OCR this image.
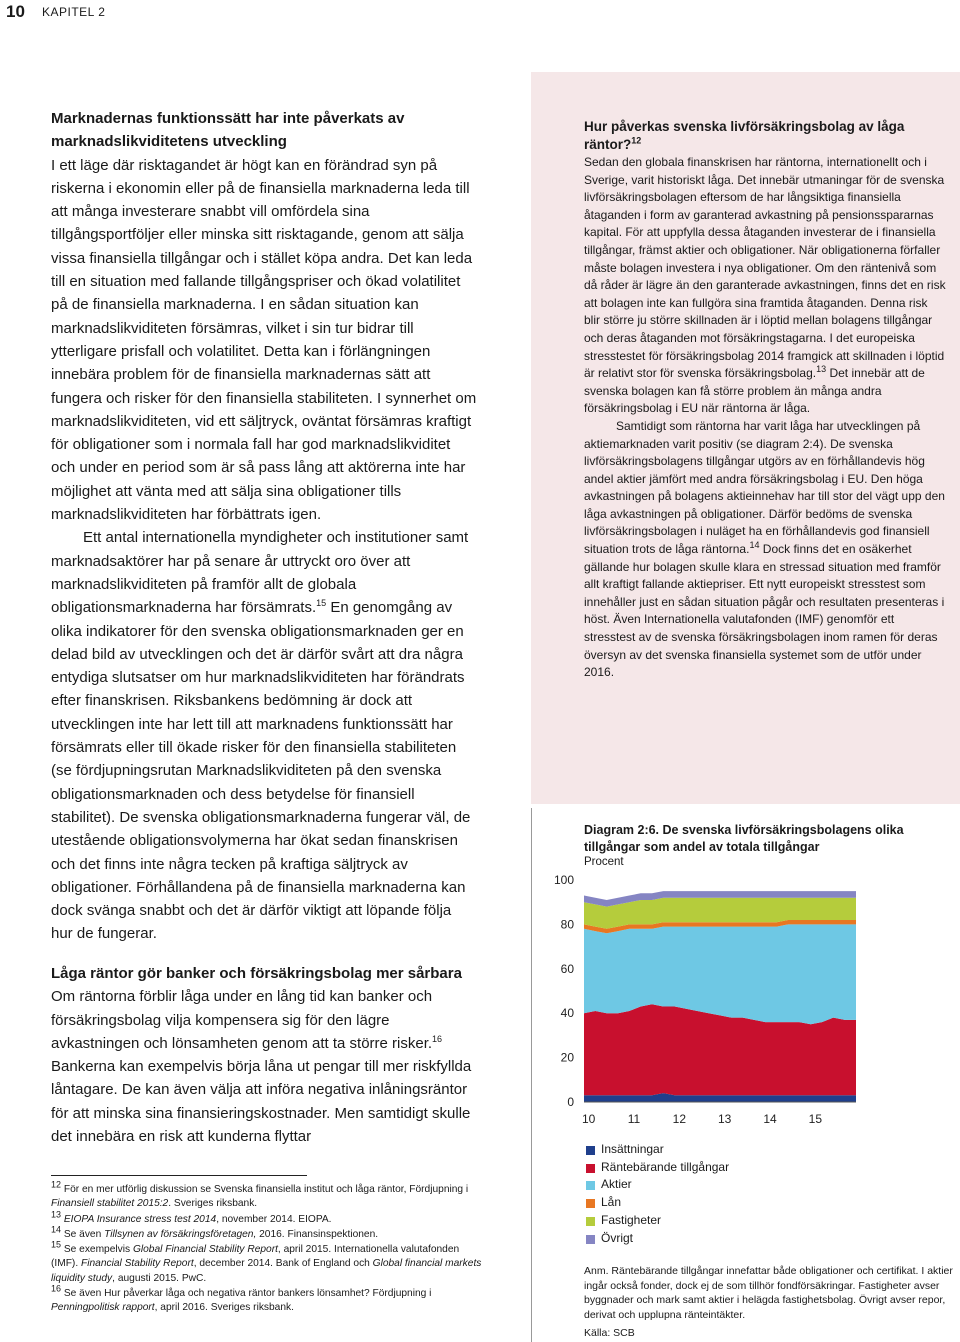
10 KAPITEL 2
Marknadernas funktionssätt har inte påverkats av marknadslikviditetens utveckling

I ett läge där risktagandet är högt kan en förändrad syn på riskerna i ekonomin eller på de finansiella marknaderna leda till att många investerare snabbt vill omfördela sina tillgångsportföljer eller minska sitt risktagande, genom att sälja vissa finansiella tillgångar och i stället köpa andra. Det kan leda till en situation med fallande tillgångspriser och ökad volatilitet på de finansiella marknaderna. I en sådan situation kan marknadslikviditeten försämras, vilket i sin tur bidrar till ytterligare prisfall och volatilitet. Detta kan i förlängningen innebära problem för de finansiella marknadernas sätt att fungera och risker för den finansiella stabiliteten. I synnerhet om marknadslikviditeten, vid ett säljtryck, oväntat försämras kraftigt för obligationer som i normala fall har god marknadslikviditet och under en period som är så pass lång att aktörerna inte har möjlighet att vänta med att sälja sina obligationer tills marknadslikviditeten har förbättrats igen.

Ett antal internationella myndigheter och institutioner samt marknadsaktörer har på senare år uttryckt oro över att marknadslikviditeten på framför allt de globala obligationsmarknaderna har försämrats.$^{15}$ En genomgång av olika indikatorer för den svenska obligationsmarknaden ger en delad bild av utvecklingen och det är därför svårt att dra några entydiga slutsatser om hur marknadslikviditeten har förändrats efter finanskrisen. Riksbankens bedömning är dock att utvecklingen inte har lett till att marknadens funktionssätt har försämrats eller till ökade risker för den finansiella stabiliteten (se fördjupningsrutan Marknadslikviditeten på den svenska obligationsmarknaden och dess betydelse för finansiell stabilitet). De svenska obligationsmarknaderna fungerar väl, de utestående obligationsvolymerna har ökat sedan finanskrisen och det finns inte några tecken på kraftiga säljtryck av obligationer. Förhållandena på de finansiella marknaderna kan dock svänga snabbt och det är därför viktigt att löpande följa hur de fungerar.

Låga räntor gör banker och försäkringsbolag mer sårbara

Om räntorna förblir låga under en lång tid kan banker och försäkringsbolag vilja kompensera sig för den lägre avkastningen och lönsamheten genom att ta större risker.$^{16}$ Bankerna kan exempelvis börja låna ut pengar till mer riskfyllda låntagare. De kan även välja att införa negativa inlåningsräntor för att minska sina finansieringskostnader. Men samtidigt skulle det innebära en risk att kunderna flyttar

$^{12}$ För en mer utförlig diskussion se Svenska finansiella institut och låga räntor, Fördjupning i Finansiell stabilitet 2015:2. Sveriges riksbank.

$^{13}$ EIOPA Insurance stress test 2014, november 2014. EIOPA.

$^{14}$ Se även Tillsynen av försäkringsföretagen, 2016. Finansinspektionen.

$^{15}$ Se exempelvis Global Financial Stability Report, april 2015. Internationella valutafonden (IMF). Financial Stability Report, december 2014. Bank of England och Global financial markets liquidity study, augusti 2015. PwC.

$^{16}$ Se även Hur påverkar låga och negativa räntor bankers lönsamhet? Fördjupning i Penningpolitisk rapport, april 2016. Sveriges riksbank.

Hur påverkas svenska livförsäkringsbolag av låga räntor?$^{12}$

Sedan den globala finanskrisen har räntorna, internationellt och i Sverige, varit historiskt låga. Det innebär utmaningar för de svenska livförsäkringsbolagen eftersom de har långsiktiga finansiella åtaganden i form av garanterad avkastning på pensionsspararnas kapital. För att uppfylla dessa åtaganden investerar de i finansiella tillgångar, främst aktier och obligationer. När obligationerna förfaller måste bolagen investera i nya obligationer. Om den räntenivå som då råder är lägre än den garanterade avkastningen, finns det en risk att bolagen inte kan fullgöra sina framtida åtaganden. Denna risk blir större ju större skillnaden är i löptid mellan bolagens tillgångar och deras åtaganden mot försäkringstagarna. I det europeiska stresstestet för försäkringsbolag 2014 framgick att skillnaden i löptid är relativt stor för svenska försäkringsbolag.$^{13}$ Det innebär att de svenska bolagen kan få större problem än många andra försäkringsbolag i EU när räntorna är låga.

Samtidigt som räntorna har varit låga har utvecklingen på aktiemarknaden varit positiv (se diagram 2:4). De svenska livförsäkringsbolagens tillgångar utgörs av en förhållandevis hög andel aktier jämfört med andra försäkringsbolag i EU. Den höga avkastningen på bolagens aktieinnehav har till stor del vägt upp den låga avkastningen på obligationer. Därför bedöms de svenska livförsäkringsbolagen i nuläget ha en förhållandevis god finansiell situation trots de låga räntorna.$^{14}$ Dock finns det en osäkerhet gällande hur bolagen skulle klara en stressad situation med framför allt kraftigt fallande aktiepriser. Ett nytt europeiskt stresstest som innehåller just en sådan situation pågår och resultaten presenteras i höst. Även Internationella valutafonden (IMF) genomför ett stresstest av de svenska försäkringsbolagen inom ramen för deras översyn av det svenska finansiella systemet som de utför under 2016.

Diagram 2:6. De svenska livförsäkringsbolagens olika tillgångar som andel av totala tillgångar
Procent
0
20
40
60
80
100
10	11	12	13	14	15
Insättningar
Räntebärande tillgångar
Aktier
Lån
Fastigheter
Övrigt
Anm. Räntebärande tillgångar innefattar både obligationer och certifikat. I aktier ingår också fonder, dock ej de som tillhör fondförsäkringar. Fastigheter avser byggnader och mark samt aktier i helägda fastighetsbolag. Övrigt avser repor, derivat och upplupna ränteintäkter.
Källa: SCB
